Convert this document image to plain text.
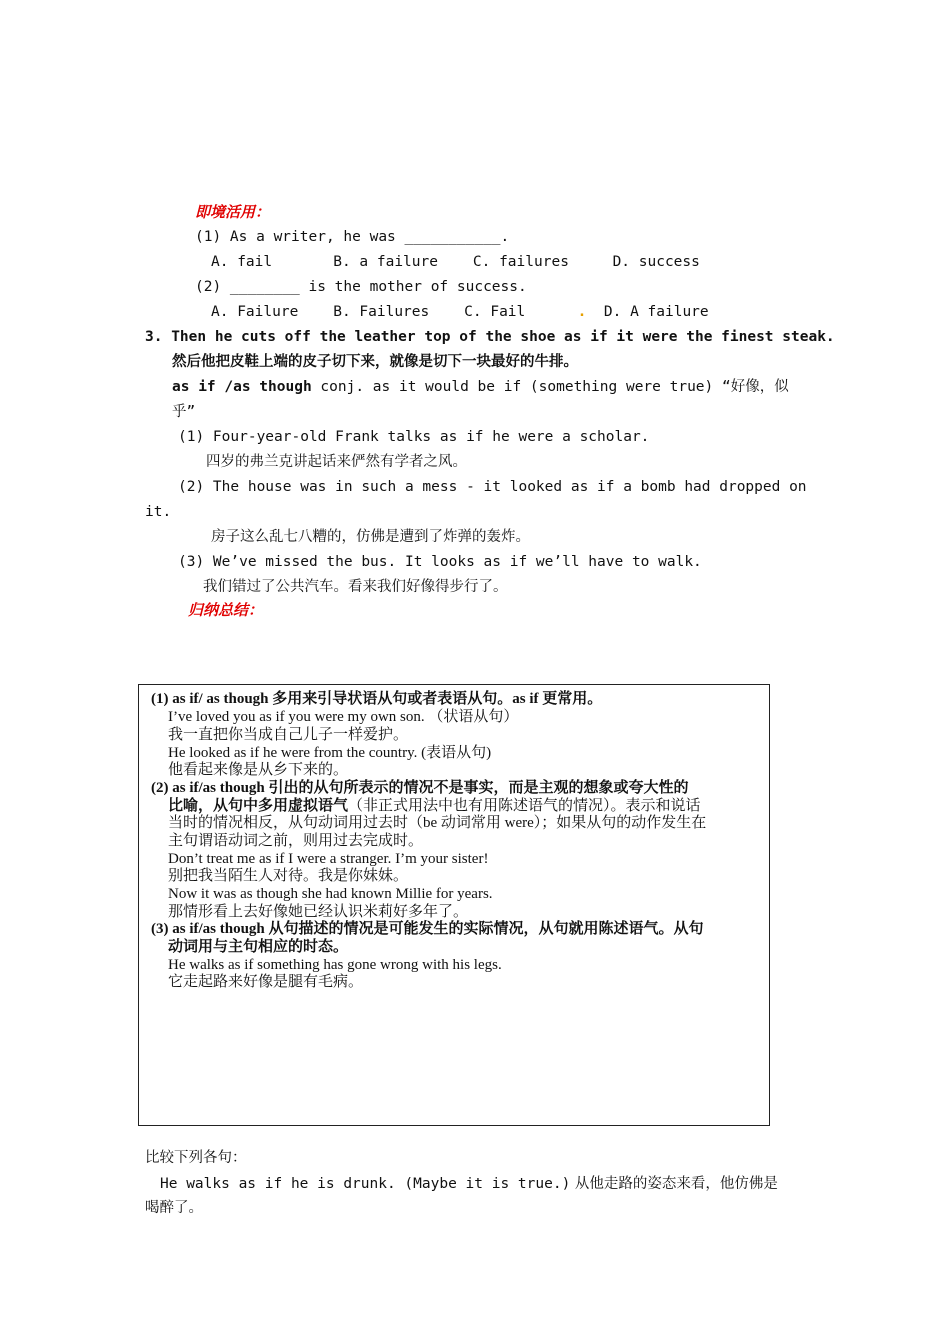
即境活用：
(1) As a writer, he was ___________.
A. fail       B. a failure    C. failures     D. success
(2) ________ is the mother of success.
A. Failure    B. Failures    C. Fail	. D. A failure
3. Then he cuts off the leather top of the shoe as if it were the finest steak.
然后他把皮鞋上端的皮子切下来，就像是切下一块最好的牛排。
as if /as though conj. as it would be if (something were true) “好像，似
乎”
(1) Four-year-old Frank talks as if he were a scholar.
四岁的弗兰克讲起话来俨然有学者之风。
(2) The house was in such a mess - it looked as if a bomb had dropped on
it.
房子这么乱七八糟的，仿佛是遭到了炸弹的轰炸。
(3) We’ve missed the bus. It looks as if we’ll have to walk.
我们错过了公共汽车。看来我们好像得步行了。
归纳总结：
(1) as if/ as though 多用来引导状语从句或者表语从句。as if 更常用。
I’ve loved you as if you were my own son. （状语从句）
我一直把你当成自己儿子一样爱护。
He looked as if he were from the country. (表语从句)
他看起来像是从乡下来的。
(2) as if/as though 引出的从句所表示的情况不是事实，而是主观的想象或夸大性的
比喻，从句中多用虚拟语气（非正式用法中也有用陈述语气的情况）。表示和说话
当时的情况相反，从句动词用过去时（be 动词常用 were）；如果从句的动作发生在
主句谓语动词之前，则用过去完成时。
Don’t treat me as if I were a stranger. I’m your sister!
别把我当陌生人对待。我是你妹妹。
Now it was as though she had known Millie for years.
那情形看上去好像她已经认识米莉好多年了。
(3) as if/as though 从句描述的情况是可能发生的实际情况，从句就用陈述语气。从句
动词用与主句相应的时态。
He walks as if something has gone wrong with his legs.
它走起路来好像是腿有毛病。
比较下列各句：
He walks as if he is drunk. (Maybe it is true.) 从他走路的姿态来看，他仿佛是
喝醉了。
